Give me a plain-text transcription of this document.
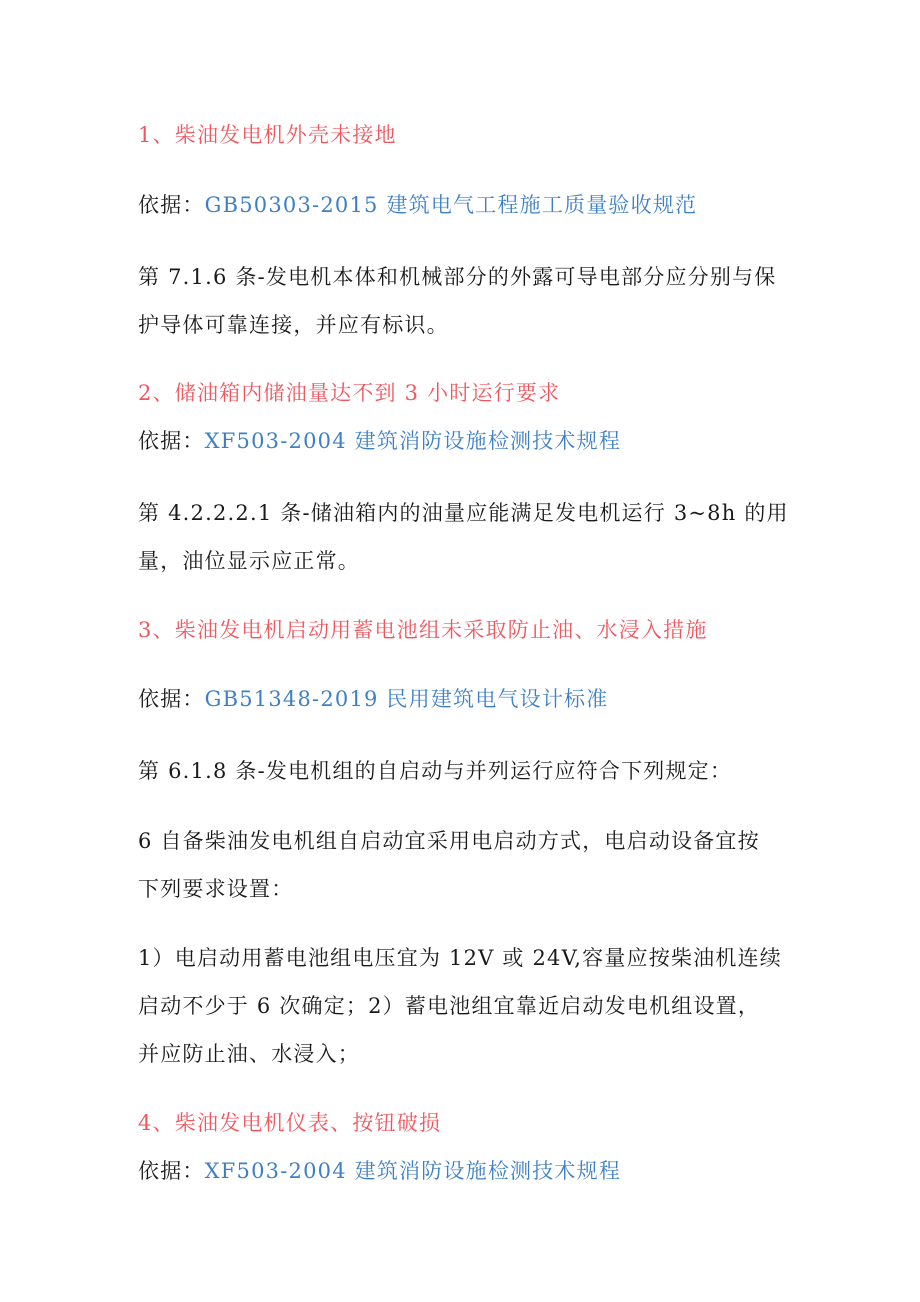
1、柴油发电机外壳未接地
依据：GB50303-2015 建筑电气工程施工质量验收规范
第 7.1.6 条-发电机本体和机械部分的外露可导电部分应分别与保
护导体可靠连接，并应有标识。
2、储油箱内储油量达不到 3 小时运行要求
依据：XF503-2004 建筑消防设施检测技术规程
第 4.2.2.2.1 条-储油箱内的油量应能满足发电机运行 3~8h 的用
量，油位显示应正常。
3、柴油发电机启动用蓄电池组未采取防止油、水浸入措施
依据：GB51348-2019 民用建筑电气设计标准
第 6.1.8 条-发电机组的自启动与并列运行应符合下列规定：
6 自备柴油发电机组自启动宜采用电启动方式，电启动设备宜按
下列要求设置：
1）电启动用蓄电池组电压宜为 12V 或 24V,容量应按柴油机连续
启动不少于 6 次确定；2）蓄电池组宜靠近启动发电机组设置，
并应防止油、水浸入；
4、柴油发电机仪表、按钮破损
依据：XF503-2004 建筑消防设施检测技术规程
